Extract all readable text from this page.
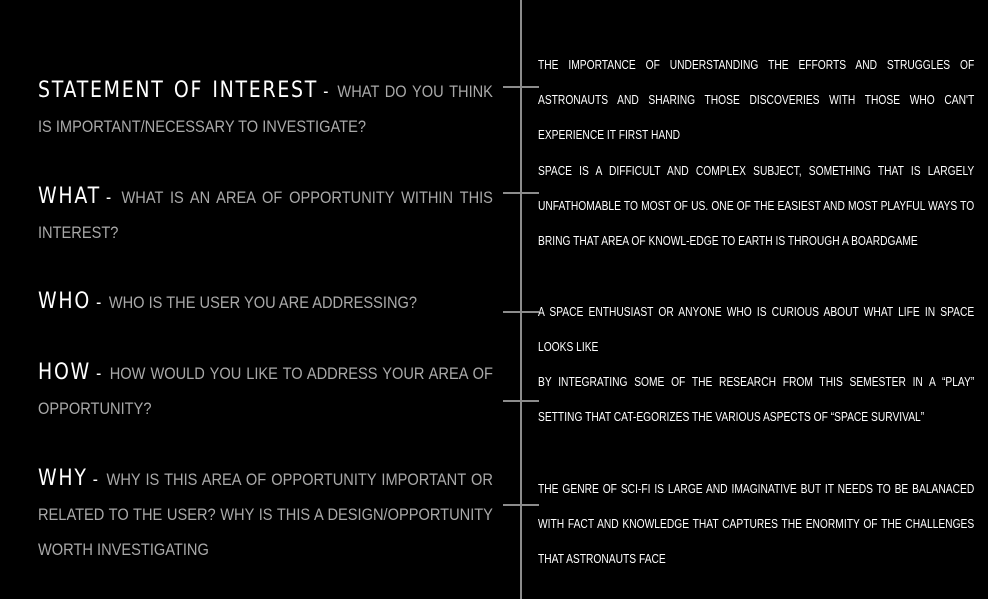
STATEMENT OF INTEREST - WHAT DO YOU THINK IS IMPORTANT/NECESSARY TO INVESTIGATE?
THE IMPORTANCE OF UNDERSTANDING THE EFFORTS AND STRUGGLES OF ASTRONAUTS AND SHARING THOSE DISCOVERIES WITH THOSE WHO CAN'T EXPERIENCE IT FIRST HAND
WHAT - WHAT IS AN AREA OF OPPORTUNITY WITHIN THIS INTEREST?
SPACE IS A DIFFICULT AND COMPLEX SUBJECT, SOMETHING THAT IS LARGELY UNFATHOMABLE TO MOST OF US. ONE OF THE EASIEST AND MOST PLAYFUL WAYS TO BRING THAT AREA OF KNOWL-EDGE TO EARTH IS THROUGH A BOARDGAME
WHO - WHO IS THE USER YOU ARE ADDRESSING?	A SPACE ENTHUSIAST OR ANYONE WHO IS CURIOUS ABOUT WHAT LIFE IN SPACE LOOKS LIKE
HOW - HOW WOULD YOU LIKE TO ADDRESS YOUR AREA OF OPPORTUNITY?
BY INTEGRATING SOME OF THE RESEARCH FROM THIS SEMESTER IN A “PLAY” SETTING THAT CAT-EGORIZES THE VARIOUS ASPECTS OF “SPACE SURVIVAL”
WHY - WHY IS THIS AREA OF OPPORTUNITY IMPORTANT OR RELATED TO THE USER? WHY IS THIS A DESIGN/OPPORTUNITY WORTH INVESTIGATING
THE GENRE OF SCI-FI IS LARGE AND IMAGINATIVE BUT IT NEEDS TO BE BALANACED WITH FACT AND KNOWLEDGE THAT CAPTURES THE ENORMITY OF THE CHALLENGES THAT ASTRONAUTS FACE
